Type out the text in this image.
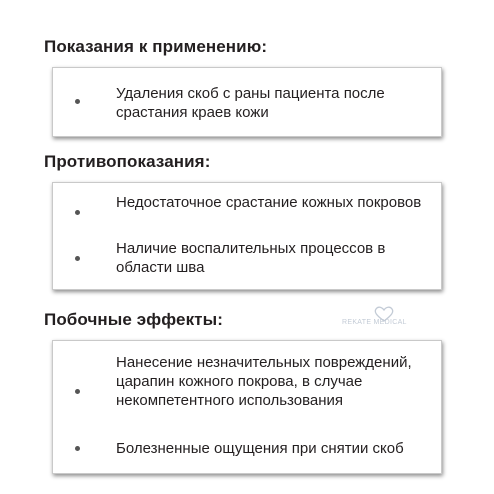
Показания к применению:
Удаления скоб с раны пациента после срастания краев кожи
Противопоказания:
Недостаточное срастание кожных покровов
Наличие воспалительных процессов в области шва
REKATE MEDICAL
Побочные эффекты:
Нанесение незначительных повреждений, царапин кожного покрова, в случае некомпетентного использования
Болезненные ощущения при снятии скоб
